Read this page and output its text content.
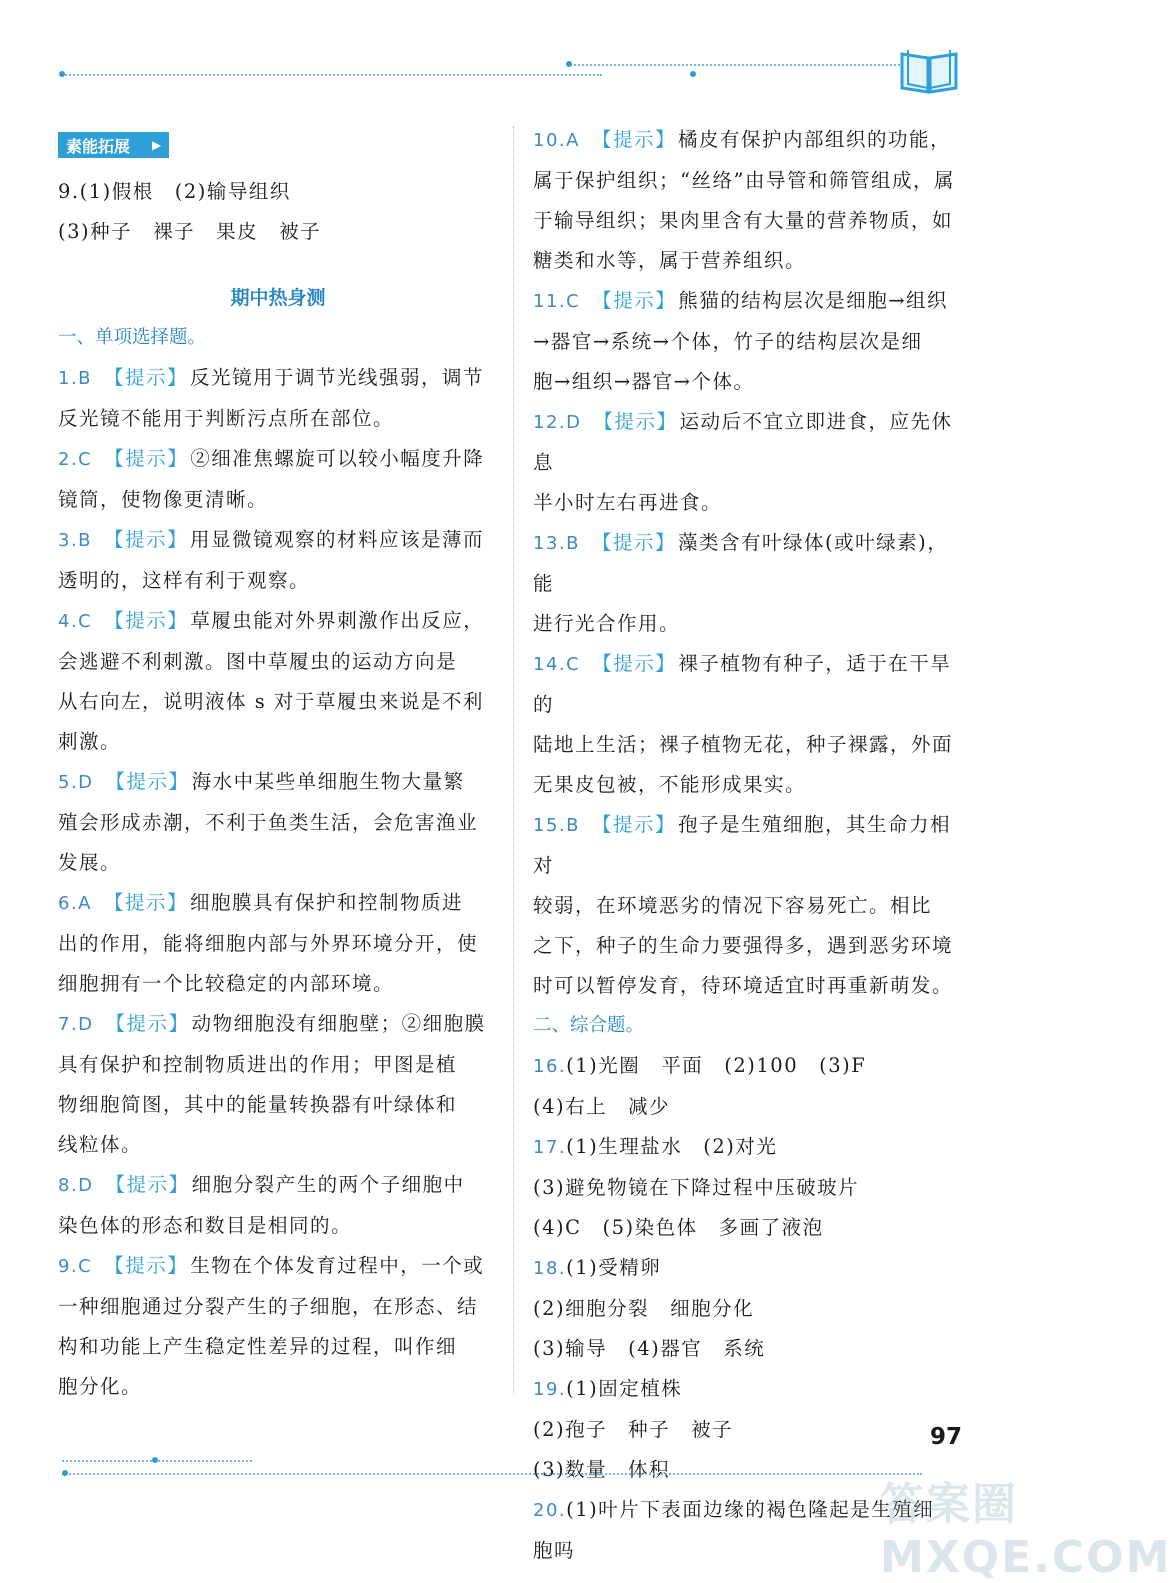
素能拓展 ▶

9.(1)假根　(2)输导组织

(3)种子　裸子　果皮　被子

期中热身测
一、单项选择题。

1.B 【提示】 反光镜用于调节光线强弱，调节

反光镜不能用于判断污点所在部位。

2.C 【提示】 ②细准焦螺旋可以较小幅度升降

镜筒，使物像更清晰。

3.B 【提示】 用显微镜观察的材料应该是薄而

透明的，这样有利于观察。

4.C 【提示】 草履虫能对外界刺激作出反应，

会逃避不利刺激。图中草履虫的运动方向是

从右向左，说明液体 s 对于草履虫来说是不利

刺激。

5.D 【提示】 海水中某些单细胞生物大量繁

殖会形成赤潮，不利于鱼类生活，会危害渔业

发展。

6.A 【提示】 细胞膜具有保护和控制物质进

出的作用，能将细胞内部与外界环境分开，使

细胞拥有一个比较稳定的内部环境。

7.D 【提示】 动物细胞没有细胞壁；②细胞膜

具有保护和控制物质进出的作用；甲图是植

物细胞简图，其中的能量转换器有叶绿体和

线粒体。

8.D 【提示】 细胞分裂产生的两个子细胞中

染色体的形态和数目是相同的。

9.C 【提示】 生物在个体发育过程中，一个或

一种细胞通过分裂产生的子细胞，在形态、结

构和功能上产生稳定性差异的过程，叫作细

胞分化。

10.A 【提示】 橘皮有保护内部组织的功能，

属于保护组织；“丝络”由导管和筛管组成，属

于输导组织；果肉里含有大量的营养物质，如

糖类和水等，属于营养组织。

11.C 【提示】 熊猫的结构层次是细胞→组织

→器官→系统→个体，竹子的结构层次是细

胞→组织→器官→个体。

12.D 【提示】 运动后不宜立即进食，应先休息

半小时左右再进食。

13.B 【提示】 藻类含有叶绿体(或叶绿素)，能

进行光合作用。

14.C 【提示】 裸子植物有种子，适于在干旱的

陆地上生活；裸子植物无花，种子裸露，外面

无果皮包被，不能形成果实。

15.B 【提示】 孢子是生殖细胞，其生命力相对

较弱，在环境恶劣的情况下容易死亡。相比

之下，种子的生命力要强得多，遇到恶劣环境

时可以暂停发育，待环境适宜时再重新萌发。

二、综合题。

16.(1)光圈　平面　(2)100　(3)F

(4)右上　减少

17.(1)生理盐水　(2)对光

(3)避免物镜在下降过程中压破玻片

(4)C　(5)染色体　多画了液泡

18.(1)受精卵

(2)细胞分裂　细胞分化

(3)输导　(4)器官　系统

19.(1)固定植株

(2)孢子　种子　被子

(3)数量　体积

20.(1)叶片下表面边缘的褐色隆起是生殖细

胞吗

97
答案圈 MXQE.COM
